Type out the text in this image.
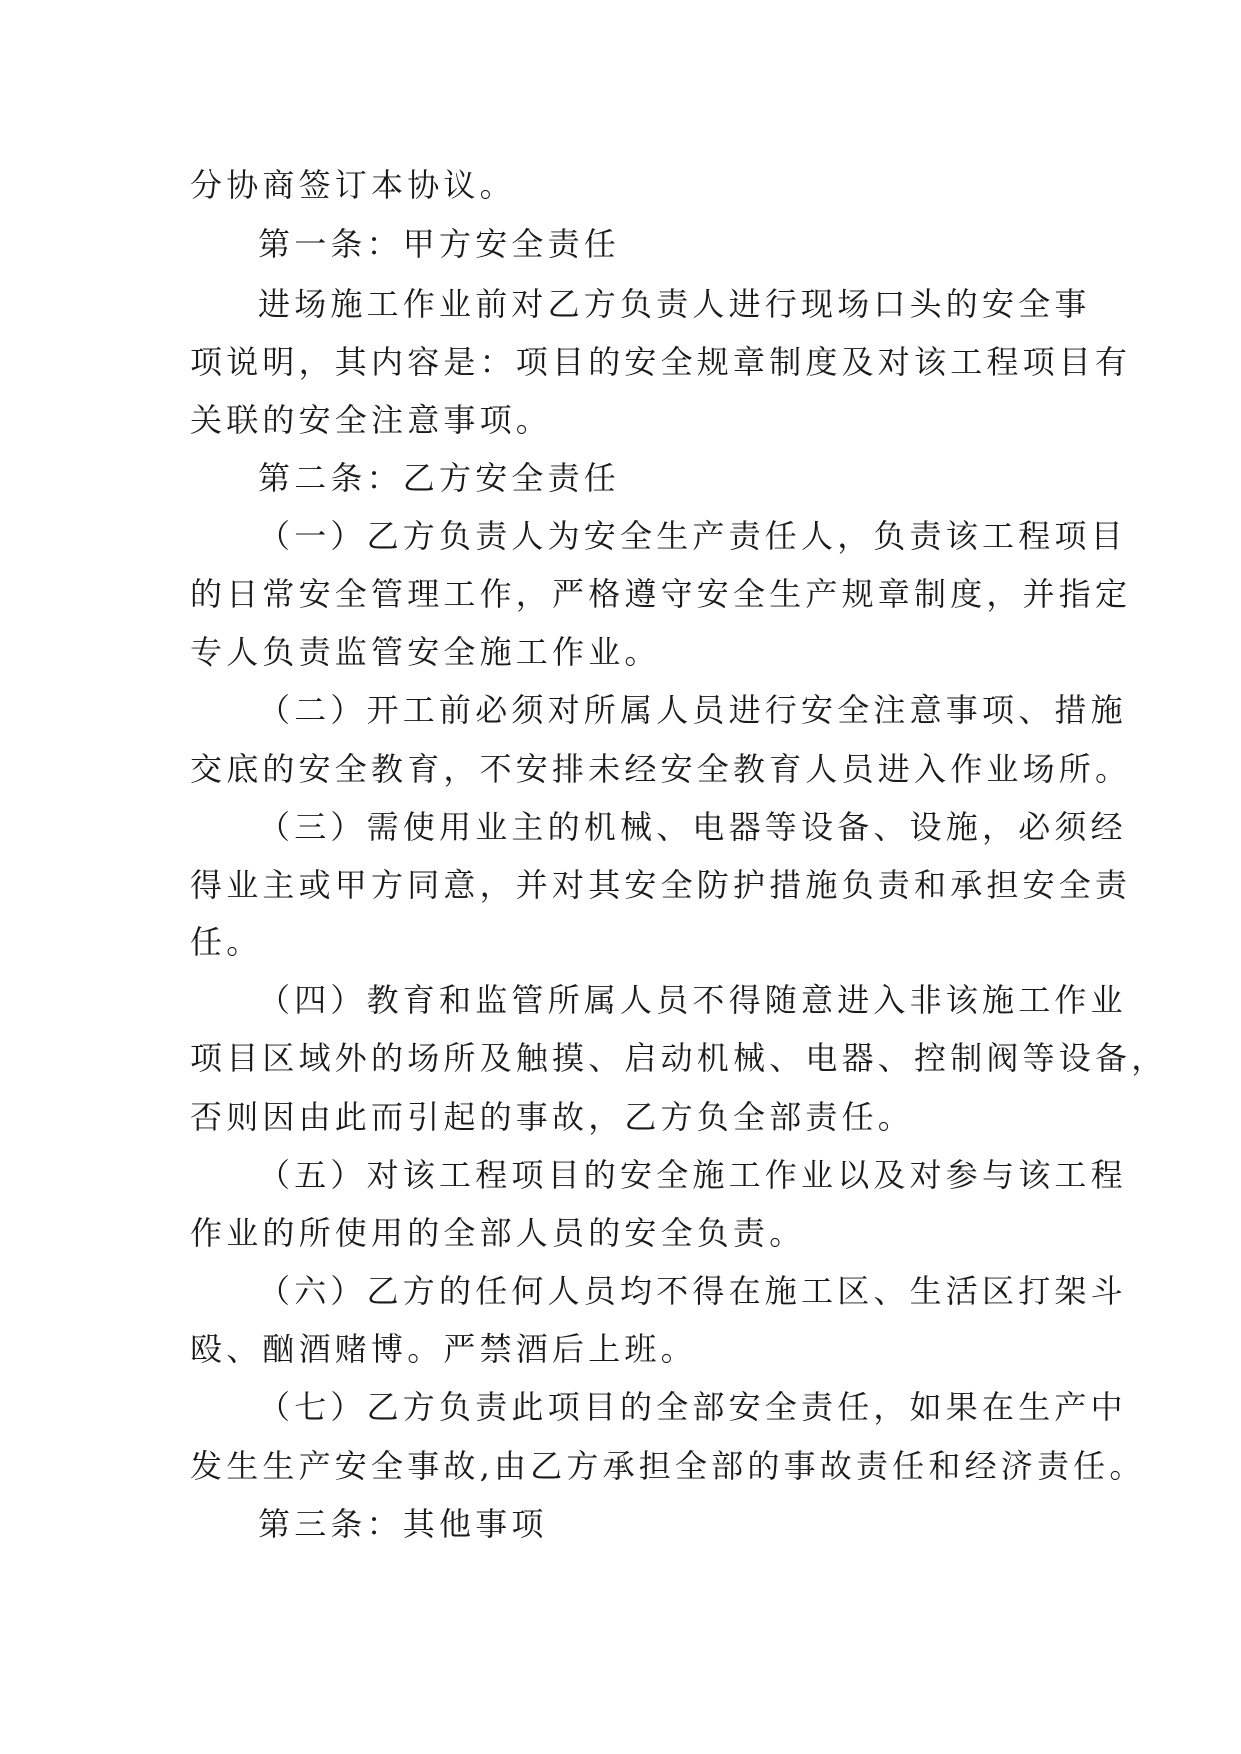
分协商签订本协议。

第一条：甲方安全责任

进场施工作业前对乙方负责人进行现场口头的安全事

项说明，其内容是：项目的安全规章制度及对该工程项目有

关联的安全注意事项。

第二条：乙方安全责任

（一）乙方负责人为安全生产责任人，负责该工程项目

的日常安全管理工作，严格遵守安全生产规章制度，并指定

专人负责监管安全施工作业。

（二）开工前必须对所属人员进行安全注意事项、措施

交底的安全教育，不安排未经安全教育人员进入作业场所。

（三）需使用业主的机械、电器等设备、设施，必须经

得业主或甲方同意，并对其安全防护措施负责和承担安全责

任。

（四）教育和监管所属人员不得随意进入非该施工作业

项目区域外的场所及触摸、启动机械、电器、控制阀等设备，

否则因由此而引起的事故，乙方负全部责任。

（五）对该工程项目的安全施工作业以及对参与该工程

作业的所使用的全部人员的安全负责。

（六）乙方的任何人员均不得在施工区、生活区打架斗

殴、酗酒赌博。严禁酒后上班。

（七）乙方负责此项目的全部安全责任，如果在生产中

发生生产安全事故,由乙方承担全部的事故责任和经济责任。

第三条：其他事项
